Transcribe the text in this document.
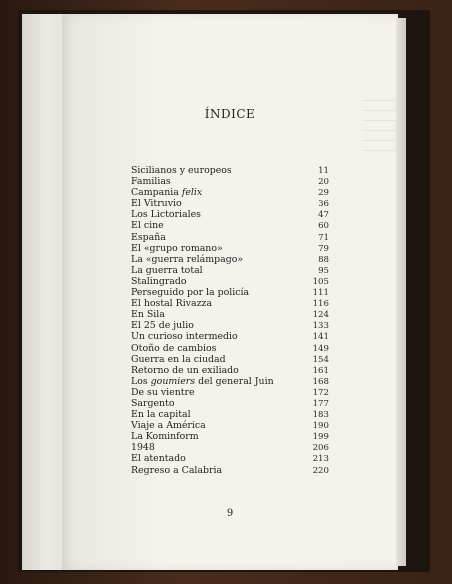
ÍNDICE
Sicilianos y europeos	11
Familias	20
Campania felix	29
El Vitruvio	36
Los Lictoriales	47
El cine	60
España	71
El «grupo romano»	79
La «guerra relámpago»	88
La guerra total	95
Stalingrado	105
Perseguido por la policía	111
El hostal Rivazza	116
En Sila	124
El 25 de julio	133
Un curioso intermedio	141
Otoño de cambios	149
Guerra en la ciudad	154
Retorno de un exiliado	161
Los goumiers del general Juin	168
De su vientre	172
Sargento	177
En la capital	183
Viaje a América	190
La Kominform	199
1948	206
El atentado	213
Regreso a Calabria	220
9
